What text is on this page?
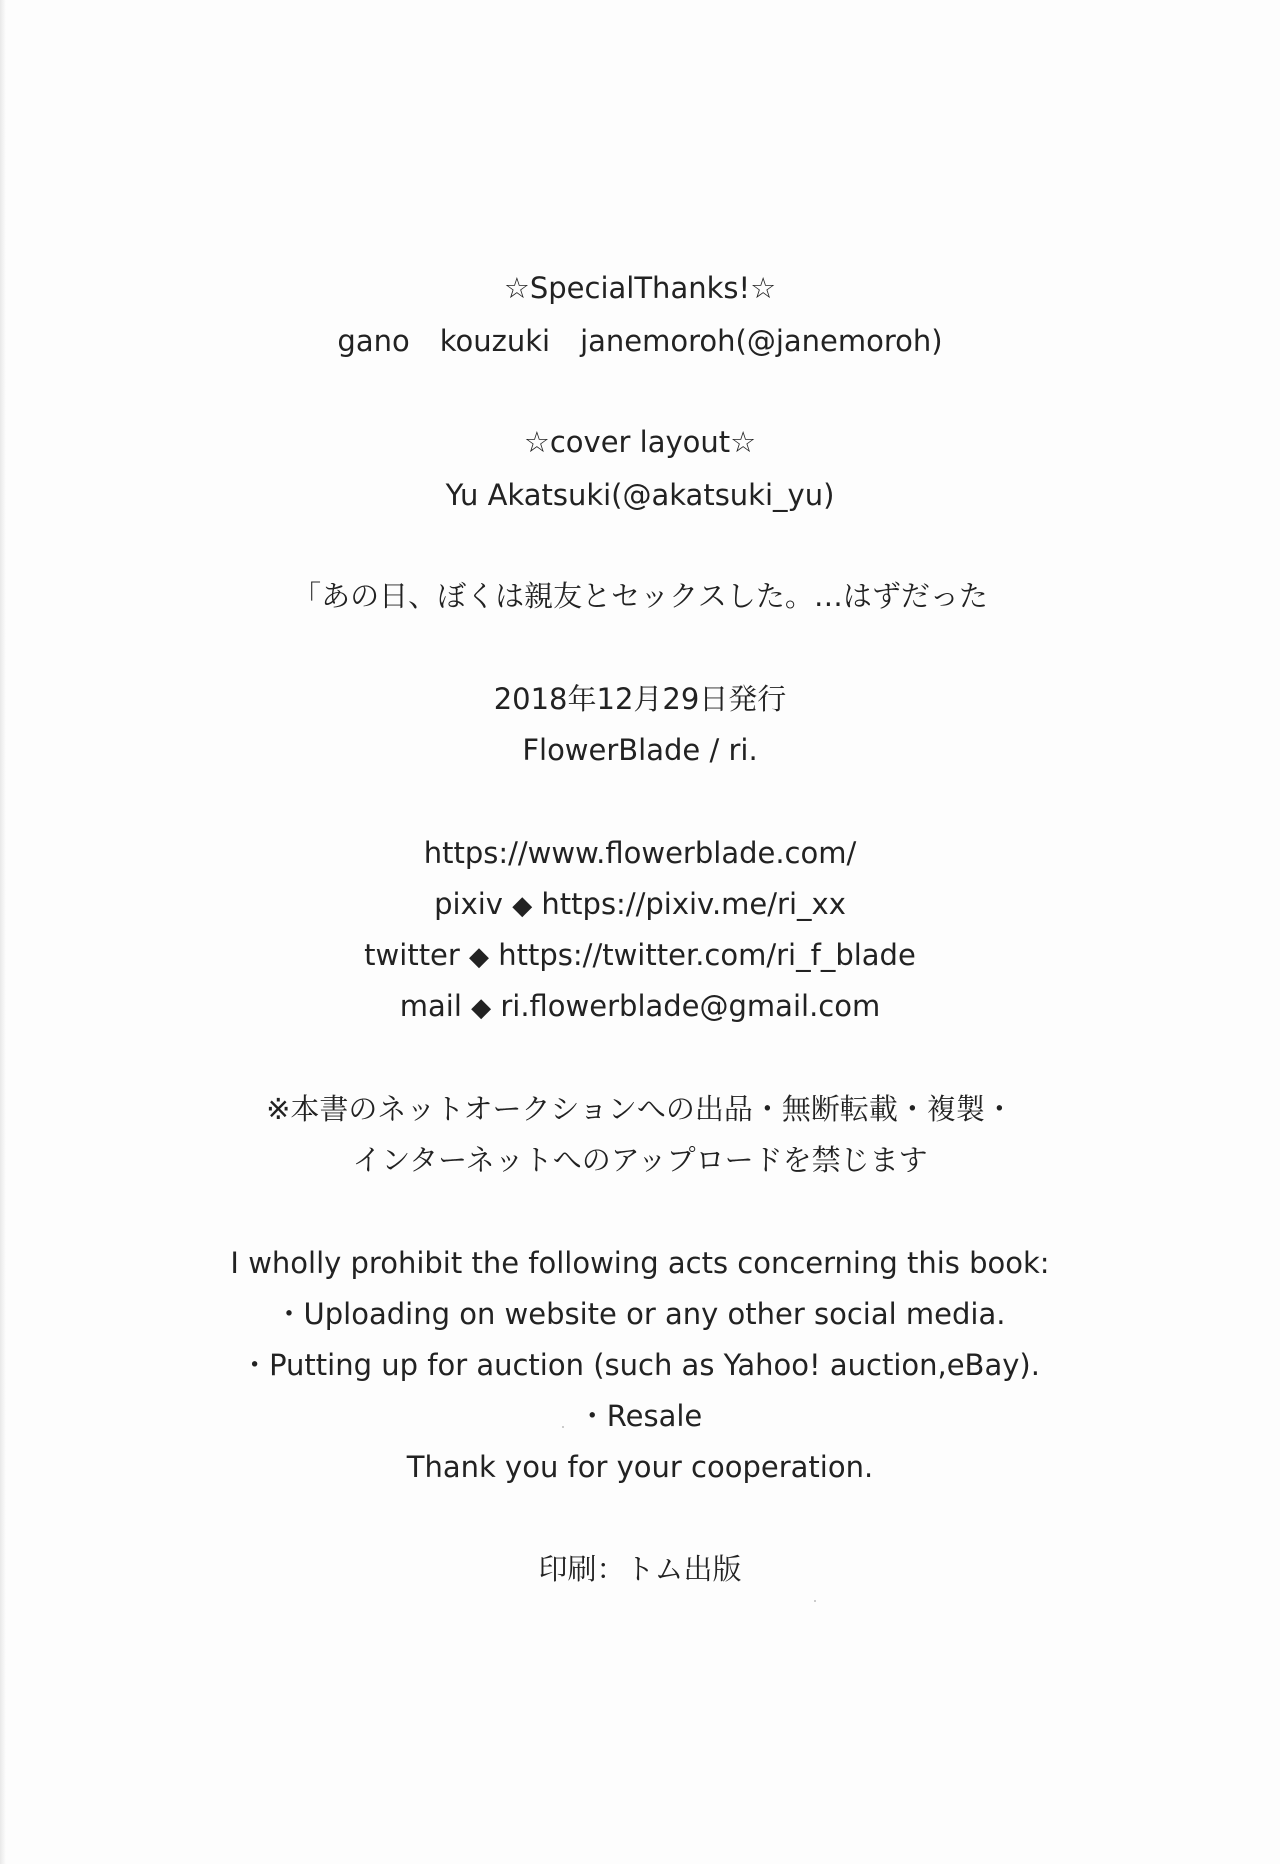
☆SpecialThanks!☆
gano kouzuki janemoroh(@janemoroh)
☆cover layout☆
Yu Akatsuki(@akatsuki_yu)
「あの日、ぼくは親友とセックスした。…はずだった
2018年12月29日発行
FlowerBlade / ri.
https://www.flowerblade.com/
pixiv ◆ https://pixiv.me/ri_xx
twitter ◆ https://twitter.com/ri_f_blade
mail ◆ ri.flowerblade@gmail.com
※本書のネットオークションへの出品・無断転載・複製・
インターネットへのアップロードを禁じます
I wholly prohibit the following acts concerning this book:
・Uploading on website or any other social media.
・Putting up for auction (such as Yahoo! auction,eBay).
・Resale
Thank you for your cooperation.
印刷：トム出版
